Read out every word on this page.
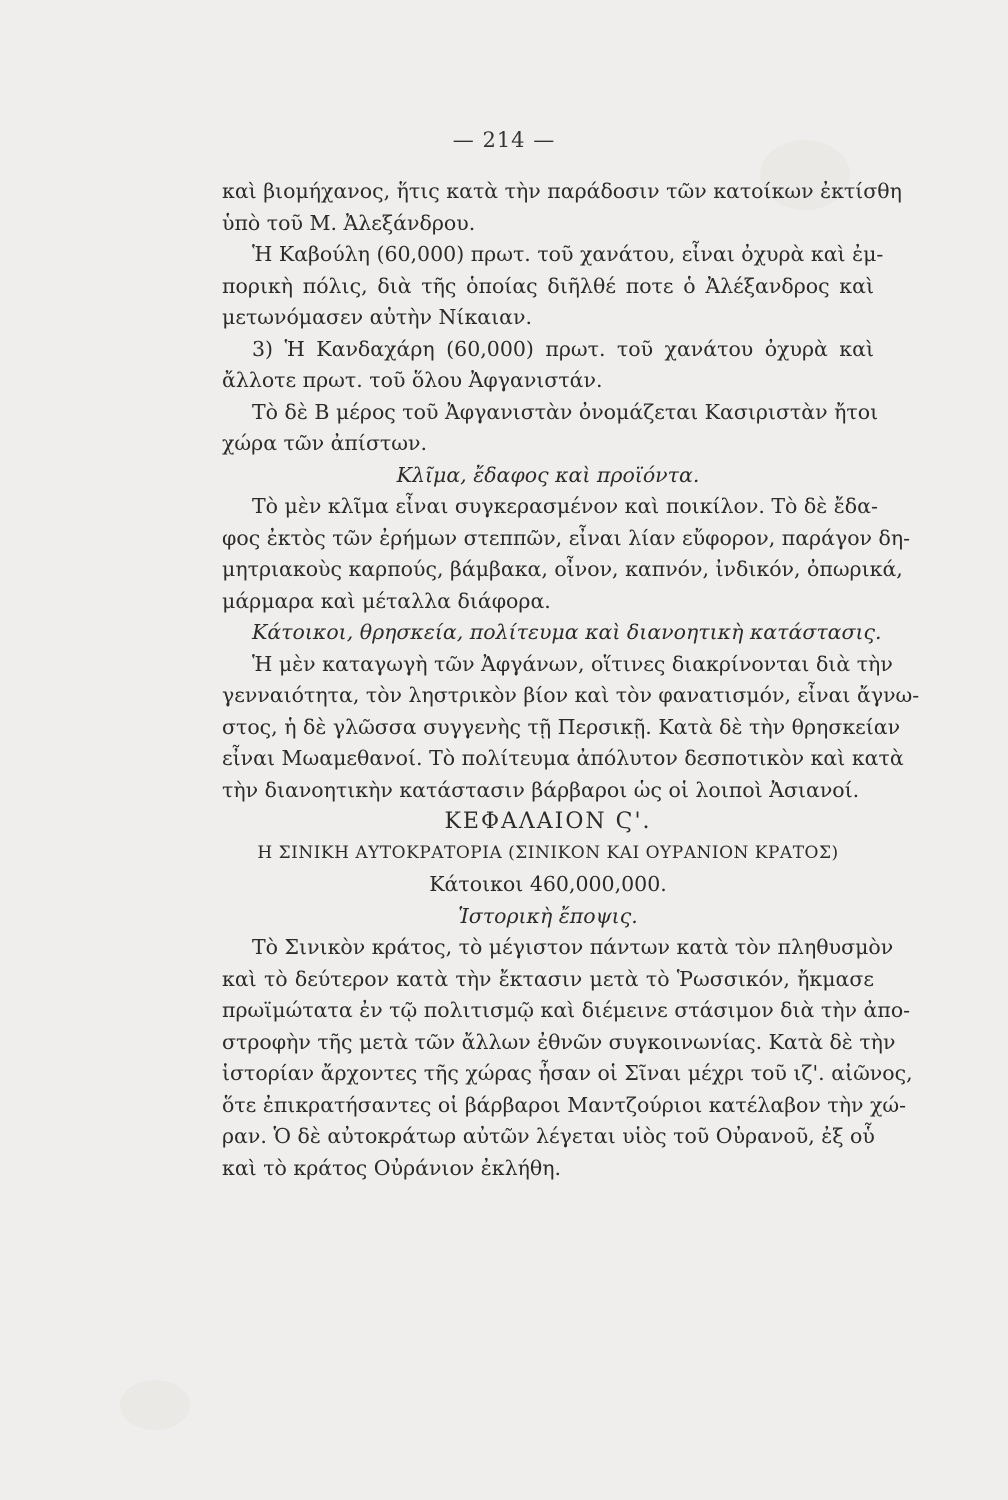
— 214 —
καὶ βιομήχανος, ἥτις κατὰ τὴν παράδοσιν τῶν κατοίκων ἐκτίσθη
ὑπὸ τοῦ Μ. Ἀλεξάνδρου.
Ἡ Καβούλη (60,000) πρωτ. τοῦ χανάτου, εἶναι ὀχυρὰ καὶ ἐμ-
πορικὴ πόλις, διὰ τῆς ὁποίας διῆλθέ ποτε ὁ Ἀλέξανδρος καὶ
μετωνόμασεν αὐτὴν Νίκαιαν.
3) Ἡ Κανδαχάρη (60,000) πρωτ. τοῦ χανάτου ὀχυρὰ καὶ
ἄλλοτε πρωτ. τοῦ ὅλου Ἀφγανιστάν.
Τὸ δὲ Β μέρος τοῦ Ἀφγανιστὰν ὀνομάζεται Κασιριστὰν ἤτοι
χώρα τῶν ἀπίστων.
Κλῖμα, ἔδαφος καὶ προϊόντα.
Τὸ μὲν κλῖμα εἶναι συγκερασμένον καὶ ποικίλον. Τὸ δὲ ἔδα-
φος ἐκτὸς τῶν ἐρήμων στεππῶν, εἶναι λίαν εὔφορον, παράγον δη-
μητριακοὺς καρπούς, βάμβακα, οἶνον, καπνόν, ἰνδικόν, ὀπωρικά,
μάρμαρα καὶ μέταλλα διάφορα.
Κάτοικοι, θρησκεία, πολίτευμα καὶ διανοητικὴ κατάστασις.
Ἡ μὲν καταγωγὴ τῶν Ἀφγάνων, οἵτινες διακρίνονται διὰ τὴν
γενναιότητα, τὸν ληστρικὸν βίον καὶ τὸν φανατισμόν, εἶναι ἄγνω-
στος, ἡ δὲ γλῶσσα συγγενὴς τῇ Περσικῇ. Κατὰ δὲ τὴν θρησκείαν
εἶναι Μωαμεθανοί. Τὸ πολίτευμα ἀπόλυτον δεσποτικὸν καὶ κατὰ
τὴν διανοητικὴν κατάστασιν βάρβαροι ὡς οἱ λοιποὶ Ἀσιανοί.
ΚΕΦΑΛΑΙΟΝ Ϛ'.
Η ΣΙΝΙΚΗ ΑΥΤΟΚΡΑΤΟΡΙΑ (ΣΙΝΙΚΟΝ ΚΑΙ ΟΥΡΑΝΙΟΝ ΚΡΑΤΟΣ)
Κάτοικοι 460,000,000.
Ἱστορικὴ ἔποψις.
Τὸ Σινικὸν κράτος, τὸ μέγιστον πάντων κατὰ τὸν πληθυσμὸν
καὶ τὸ δεύτερον κατὰ τὴν ἔκτασιν μετὰ τὸ Ῥωσσικόν, ἤκμασε
πρωϊμώτατα ἐν τῷ πολιτισμῷ καὶ διέμεινε στάσιμον διὰ τὴν ἀπο-
στροφὴν τῆς μετὰ τῶν ἄλλων ἐθνῶν συγκοινωνίας. Κατὰ δὲ τὴν
ἱστορίαν ἄρχοντες τῆς χώρας ἦσαν οἱ Σῖναι μέχρι τοῦ ιζ'. αἰῶνος,
ὅτε ἐπικρατήσαντες οἱ βάρβαροι Μαντζούριοι κατέλαβον τὴν χώ-
ραν. Ὁ δὲ αὐτοκράτωρ αὐτῶν λέγεται υἱὸς τοῦ Οὐρανοῦ, ἐξ οὗ
καὶ τὸ κράτος Οὐράνιον ἐκλήθη.
